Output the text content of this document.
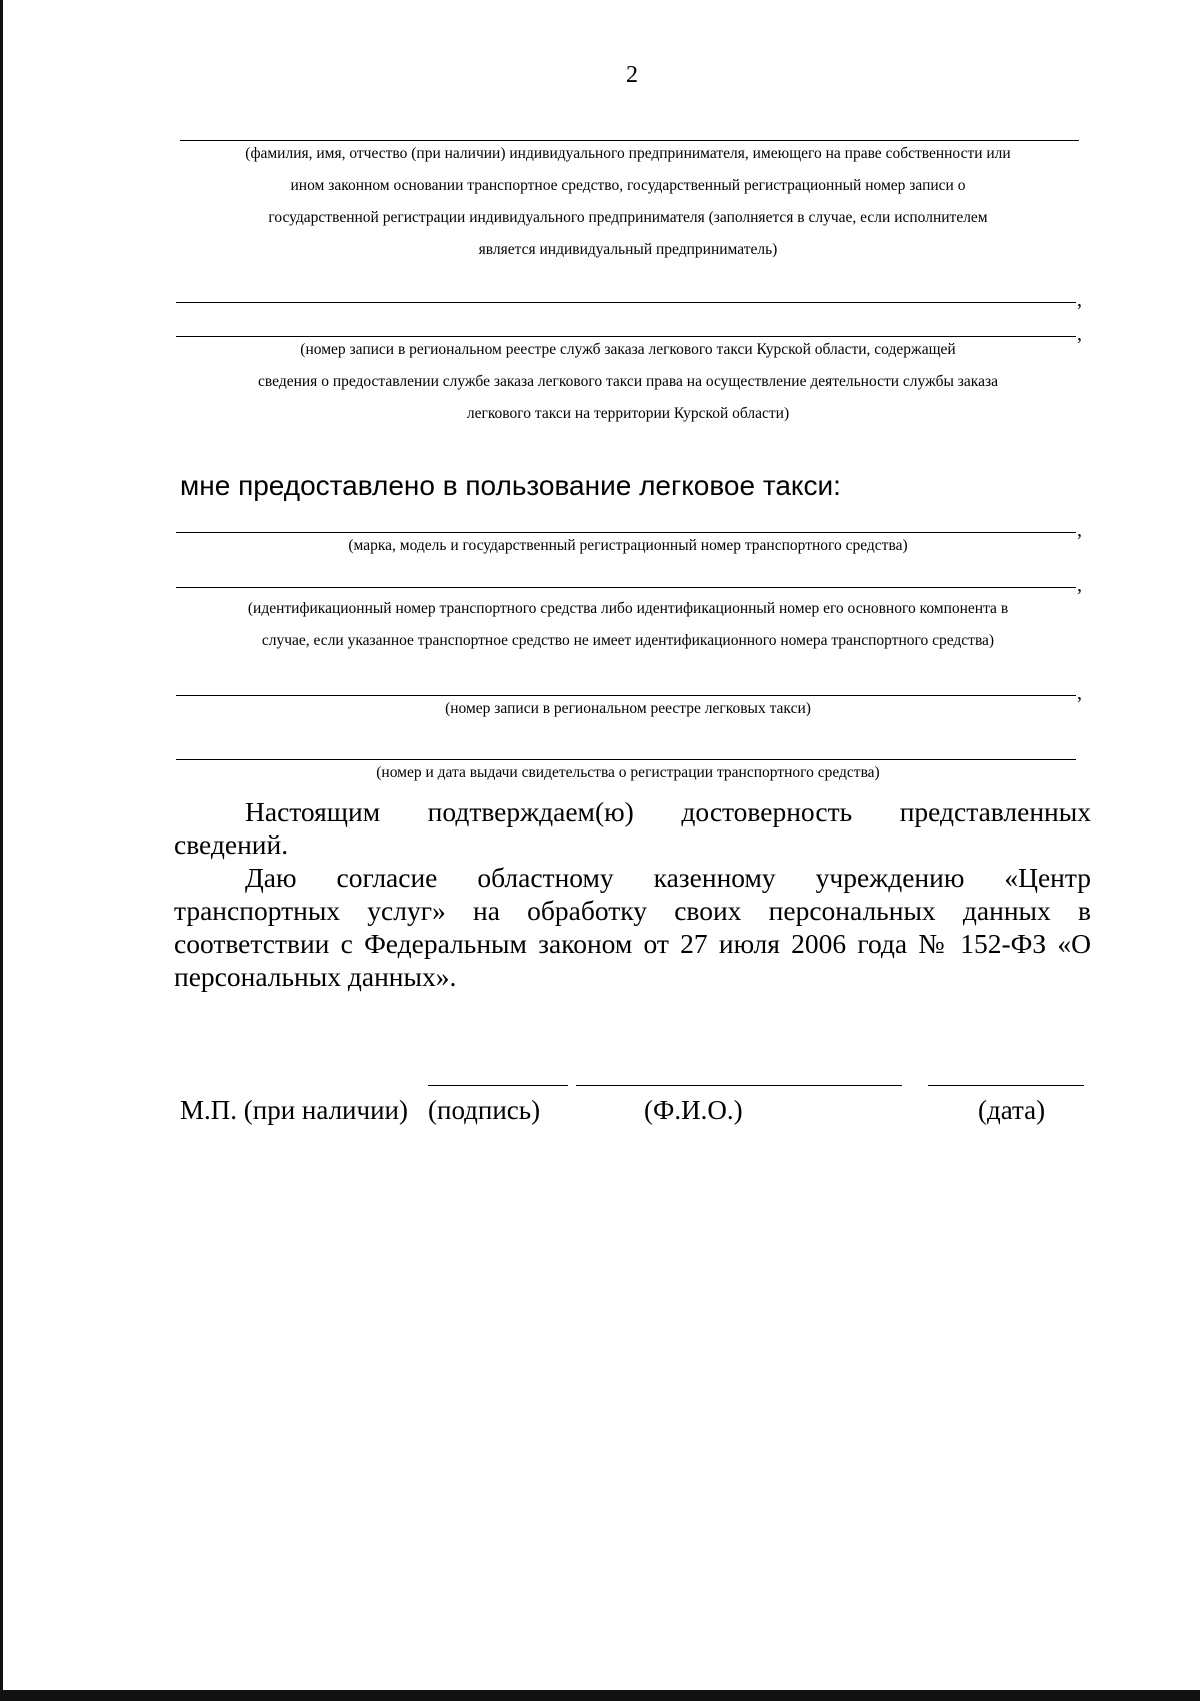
2
(фамилия, имя, отчество (при наличии) индивидуального предпринимателя, имеющего на праве собственности или
ином законном основании транспортное средство, государственный регистрационный номер записи о
государственной регистрации индивидуального предпринимателя (заполняется в случае, если исполнителем
является индивидуальный предприниматель)
,
,
(номер записи в региональном реестре служб заказа легкового такси Курской области, содержащей
сведения о предоставлении службе заказа легкового такси права на осуществление деятельности службы заказа
легкового такси на территории Курской области)
мне предоставлено в пользование легковое такси:
,
(марка, модель и государственный регистрационный номер транспортного средства)
,
(идентификационный номер транспортного средства либо идентификационный номер его основного компонента в
случае, если указанное транспортное средство не имеет идентификационного номера транспортного средства)
,
(номер записи в региональном реестре легковых такси)
(номер и дата выдачи свидетельства о регистрации транспортного средства)
Настоящим подтверждаем(ю) достоверность представленных
сведений.
Даю согласие областному казенному учреждению «Центр
транспортных услуг» на обработку своих персональных данных в
соответствии с Федеральным законом от 27 июля 2006 года № 152-ФЗ «О
персональных данных».
М.П. (при наличии) (подпись)	(Ф.И.О.)	(дата)
